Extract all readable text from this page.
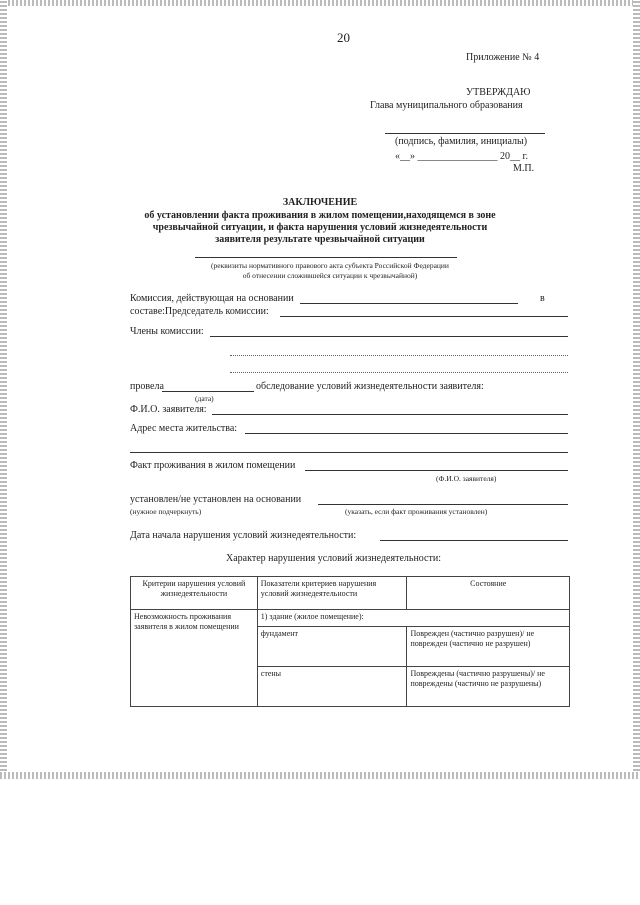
20
Приложение № 4
УТВЕРЖДАЮ
Глава муниципального образования
(подпись, фамилия, инициалы)
«__» ________________ 20__ г.
М.П.
ЗАКЛЮЧЕНИЕ
об установлении факта проживания в жилом помещении,находящемся в зоне
чрезвычайной ситуации, и факта нарушения условий жизнедеятельности
заявителя результате чрезвычайной ситуации
(реквизиты нормативного правового акта субъекта Российской Федерации
об отнесении сложившейся ситуации к чрезвычайной)
Комиссия, действующая на основании	в
составе:Председатель комиссии:
Члены комиссии:
провела	обследование условий жизнедеятельности заявителя:
(дата)
Ф.И.О. заявителя:
Адрес места жительства:
Факт проживания в жилом помещении
(Ф.И.О. заявителя)
установлен/не установлен на основании
(нужное подчеркнуть)	(указать, если факт проживания установлен)
Дата начала нарушения условий жизнедеятельности:
Характер нарушения условий жизнедеятельности:
Критерии нарушения условий жизнедеятельности	Показатели критериев нарушения условий жизнедеятельности	Состояние
Невозможность проживания заявителя в жилом помещении	1) здание (жилое помещение):	
	фундамент	Поврежден (частично разрушен)/ не поврежден (частично не разрушен)
	стены	Повреждены (частично разрушены)/ не повреждены (частично не разрушены)
